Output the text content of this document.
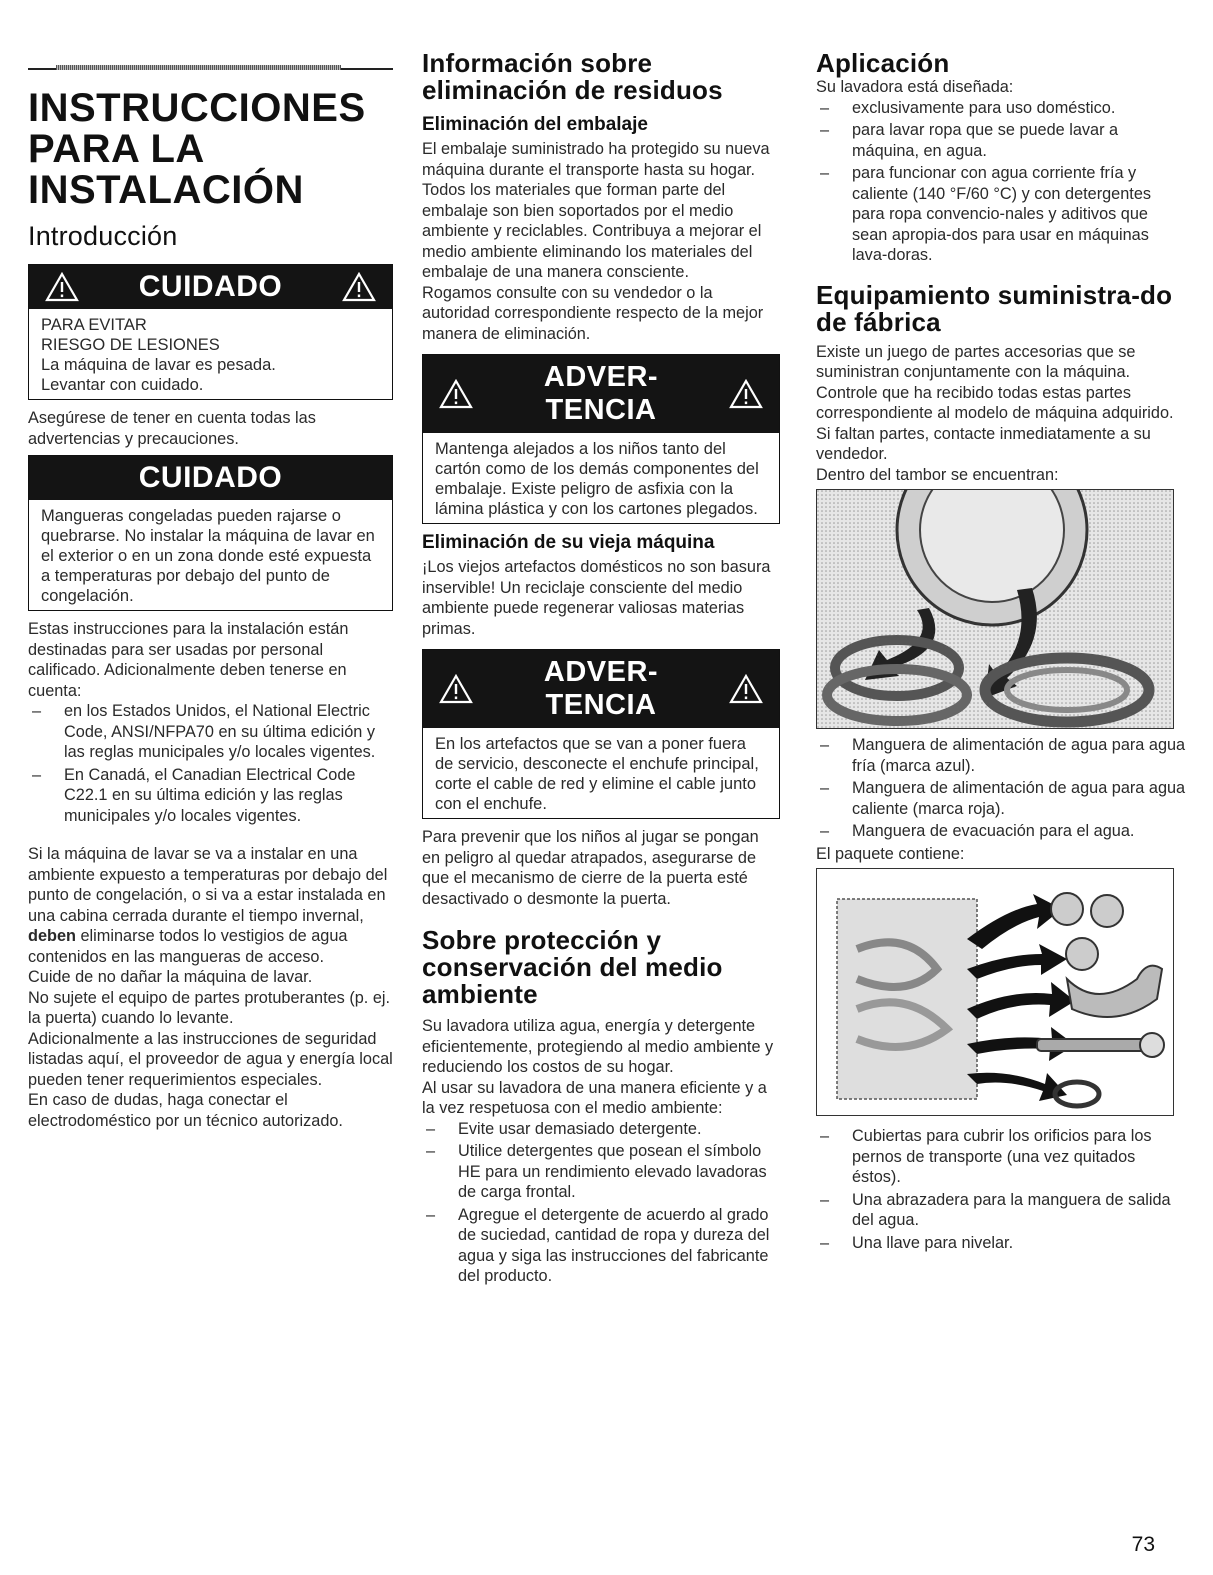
INSTRUCCIONES PARA LA INSTALACIÓN
Introducción
CUIDADO

PARA EVITAR

RIESGO DE LESIONES

La máquina de lavar es pesada.

Levantar con cuidado.

Asegúrese de tener en cuenta todas las advertencias y precauciones.

CUIDADO

Mangueras congeladas pueden rajarse o quebrarse. No instalar la máquina de lavar en el exterior o en un zona donde esté expuesta a temperaturas por debajo del punto de congelación.

Estas instrucciones para la instalación están destinadas para ser usadas por personal calificado. Adicionalmente deben tenerse en cuenta:

– en los Estados Unidos, el National Electric Code, ANSI/NFPA70 en su última edición y las reglas municipales y/o locales vigentes.
– En Canadá, el Canadian Electrical Code C22.1 en su última edición y las reglas municipales y/o locales vigentes.

Si la máquina de lavar se va a instalar en una ambiente expuesto a temperaturas por debajo del punto de congelación, o si va a estar instalada en una cabina cerrada durante el tiempo invernal, deben eliminarse todos lo vestigios de agua contenidos en las mangueras de acceso.

Cuide de no dañar la máquina de lavar.

No sujete el equipo de partes protuberantes (p. ej. la puerta) cuando lo levante.

Adicionalmente a las instrucciones de seguridad listadas aquí, el proveedor de agua y energía local pueden tener requerimientos especiales.

En caso de dudas, haga conectar el electrodoméstico por un técnico autorizado.

Información sobre eliminación de residuos
Eliminación del embalaje

El embalaje suministrado ha protegido su nueva máquina durante el transporte hasta su hogar. Todos los materiales que forman parte del embalaje son bien soportados por el medio ambiente y reciclables. Contribuya a mejorar el medio ambiente eliminando los materiales del embalaje de una manera consciente.

Rogamos consulte con su vendedor o la autoridad correspondiente respecto de la mejor manera de eliminación.

ADVER-
TENCIA

Mantenga alejados a los niños tanto del cartón como de los demás componentes del embalaje. Existe peligro de asfixia con la lámina plástica y con los cartones plegados.

Eliminación de su vieja máquina

¡Los viejos artefactos domésticos no son basura inservible! Un reciclaje consciente del medio ambiente puede regenerar valiosas materias primas.

ADVER-
TENCIA

En los artefactos que se van a poner fuera de servicio, desconecte el enchufe principal, corte el cable de red y elimine el cable junto con el enchufe.

Para prevenir que los niños al jugar se pongan en peligro al quedar atrapados, asegurarse de que el mecanismo de cierre de la puerta esté desactivado o desmonte la puerta.

Sobre protección y conservación del medio ambiente

Su lavadora utiliza agua, energía y detergente eficientemente, protegiendo al medio ambiente y reduciendo los costos de su hogar.

Al usar su lavadora de una manera eficiente y a la vez respetuosa con el medio ambiente:

– Evite usar demasiado detergente.
– Utilice detergentes que posean el símbolo HE para un rendimiento elevado lavadoras de carga frontal.
– Agregue el detergente de acuerdo al grado de suciedad, cantidad de ropa y dureza del agua y siga las instrucciones del fabricante del producto.
Aplicación

Su lavadora está diseñada:

– exclusivamente para uso doméstico.
– para lavar ropa que se puede lavar a máquina, en agua.
– para funcionar con agua corriente fría y caliente (140 °F/60 °C) y con detergentes para ropa convencio-nales y aditivos que sean apropia-dos para usar en máquinas lava-doras.
Equipamiento suministra-do de fábrica

Existe un juego de partes accesorias que se suministran conjuntamente con la máquina. Controle que ha recibido todas estas partes correspondiente al modelo de máquina adquirido. Si faltan partes, contacte inmediatamente a su vendedor.

Dentro del tambor se encuentran:

– Manguera de alimentación de agua para agua fría (marca azul).
– Manguera de alimentación de agua para agua caliente (marca roja).
– Manguera de evacuación para el agua.

El paquete contiene:

– Cubiertas para cubrir los orificios para los pernos de transporte (una vez quitados éstos).
– Una abrazadera para la manguera de salida del agua.
– Una llave para nivelar.
73
